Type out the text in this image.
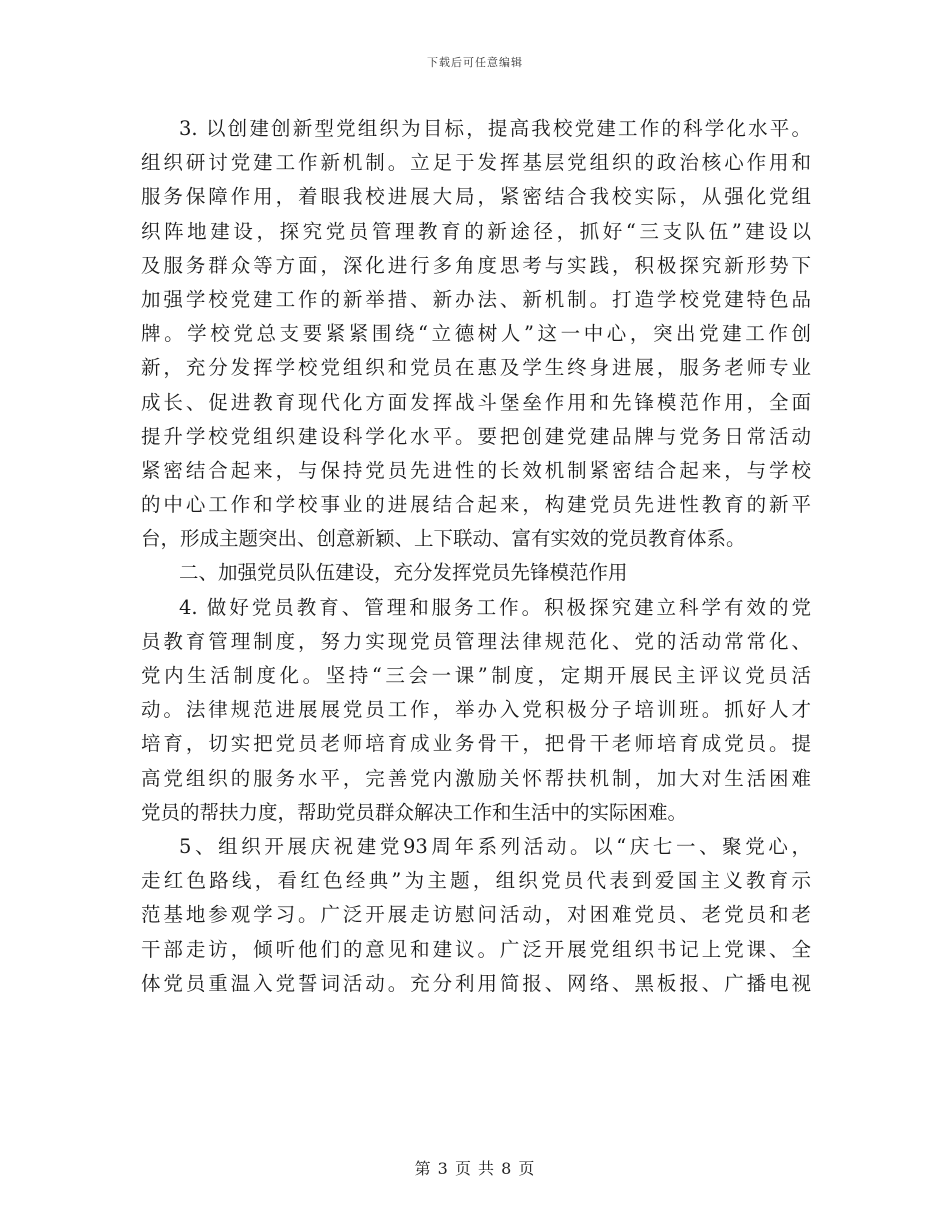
下载后可任意编辑
3. 以创建创新型党组织为目标，提高我校党建工作的科学化水平。
组织研讨党建工作新机制。立足于发挥基层党组织的政治核心作用和
服务保障作用，着眼我校进展大局，紧密结合我校实际，从强化党组
织阵地建设，探究党员管理教育的新途径，抓好“三支队伍”建设以
及服务群众等方面，深化进行多角度思考与实践，积极探究新形势下
加强学校党建工作的新举措、新办法、新机制。打造学校党建特色品
牌。学校党总支要紧紧围绕“立德树人”这一中心，突出党建工作创
新，充分发挥学校党组织和党员在惠及学生终身进展，服务老师专业
成长、促进教育现代化方面发挥战斗堡垒作用和先锋模范作用，全面
提升学校党组织建设科学化水平。要把创建党建品牌与党务日常活动
紧密结合起来，与保持党员先进性的长效机制紧密结合起来，与学校
的中心工作和学校事业的进展结合起来，构建党员先进性教育的新平
台，形成主题突出、创意新颖、上下联动、富有实效的党员教育体系。
二、加强党员队伍建设，充分发挥党员先锋模范作用
4. 做好党员教育、管理和服务工作。积极探究建立科学有效的党
员教育管理制度，努力实现党员管理法律规范化、党的活动常常化、
党内生活制度化。坚持“三会一课”制度，定期开展民主评议党员活
动。法律规范进展展党员工作，举办入党积极分子培训班。抓好人才
培育，切实把党员老师培育成业务骨干，把骨干老师培育成党员。提
高党组织的服务水平，完善党内激励关怀帮扶机制，加大对生活困难
党员的帮扶力度，帮助党员群众解决工作和生活中的实际困难。
5、组织开展庆祝建党93周年系列活动。以“庆七一、聚党心，
走红色路线，看红色经典”为主题，组织党员代表到爱国主义教育示
范基地参观学习。广泛开展走访慰问活动，对困难党员、老党员和老
干部走访，倾听他们的意见和建议。广泛开展党组织书记上党课、全
体党员重温入党誓词活动。充分利用简报、网络、黑板报、广播电视
第 3 页 共 8 页
